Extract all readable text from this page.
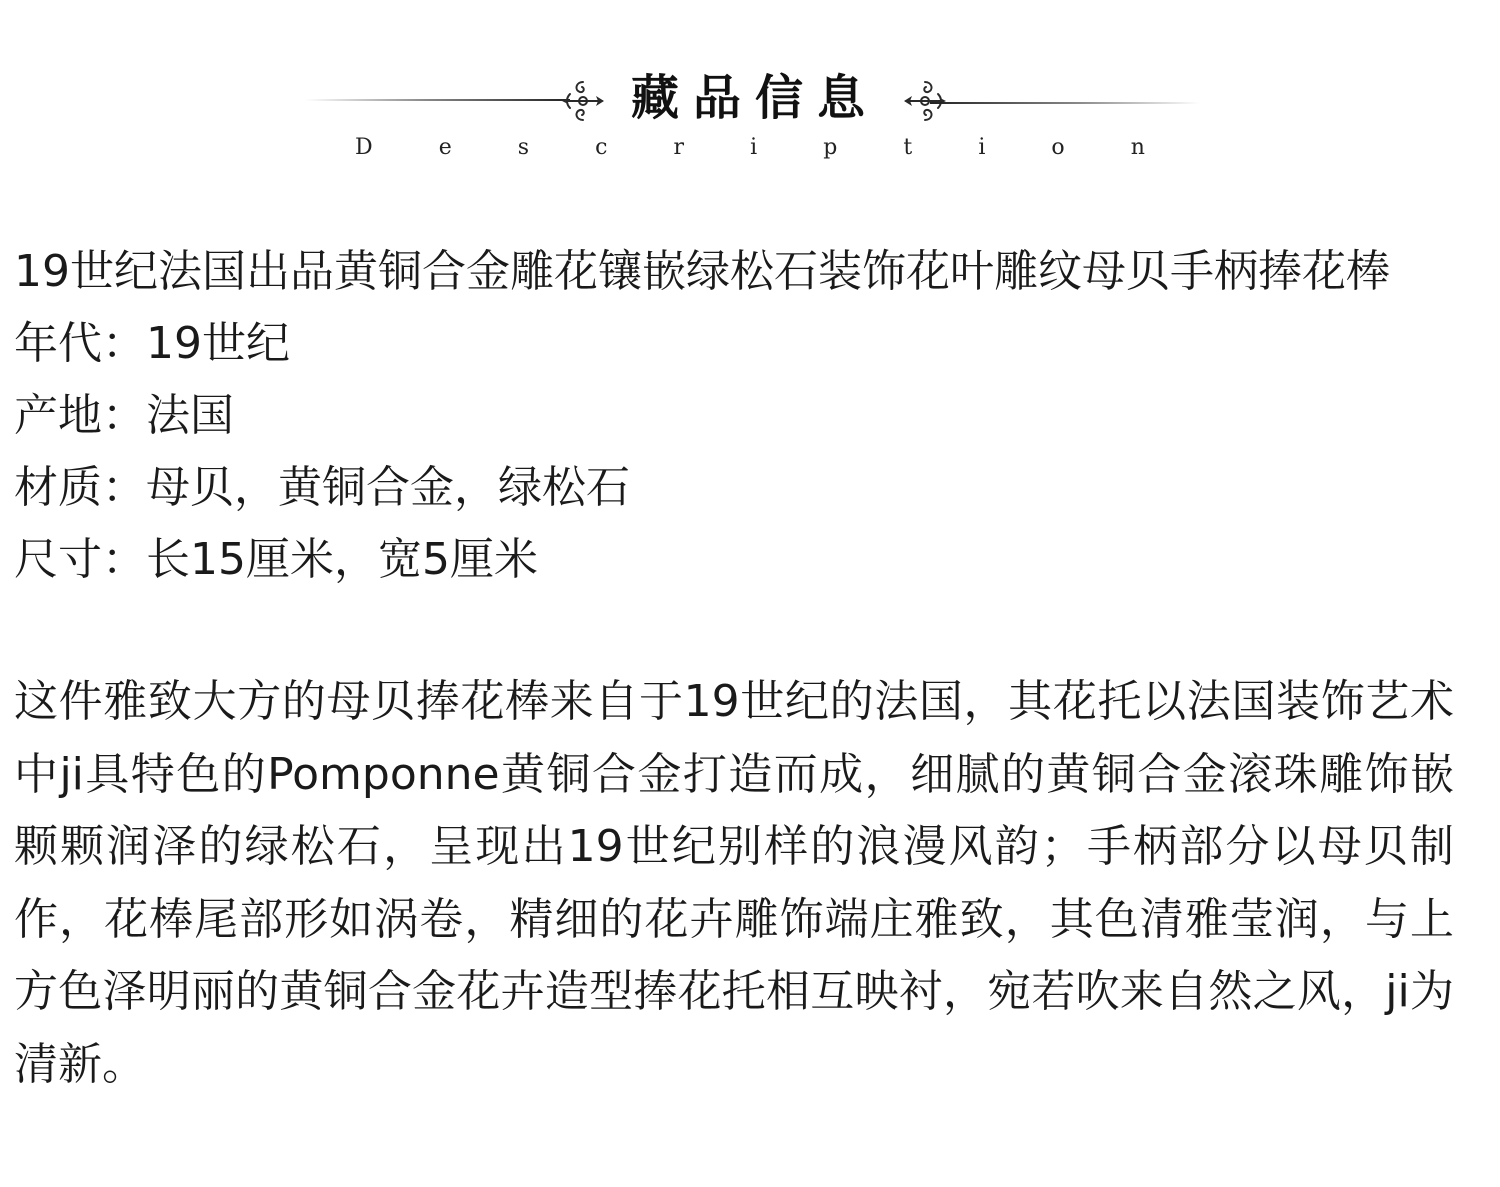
藏品信息
D	e	s	c	r	i	p	t	i	o	n

19世纪法国出品黄铜合金雕花镶嵌绿松石装饰花叶雕纹母贝手柄捧花棒

年代：19世纪

产地：法国

材质：母贝，黄铜合金，绿松石

尺寸：长15厘米，宽5厘米

这件雅致大方的母贝捧花棒来自于19世纪的法国，其花托以法国装饰艺术中ji具特色的Pomponne黄铜合金打造而成，细腻的黄铜合金滚珠雕饰嵌颗颗润泽的绿松石，呈现出19世纪别样的浪漫风韵；手柄部分以母贝制作，花棒尾部形如涡卷，精细的花卉雕饰端庄雅致，其色清雅莹润，与上方色泽明丽的黄铜合金花卉造型捧花托相互映衬，宛若吹来自然之风，ji为清新。
